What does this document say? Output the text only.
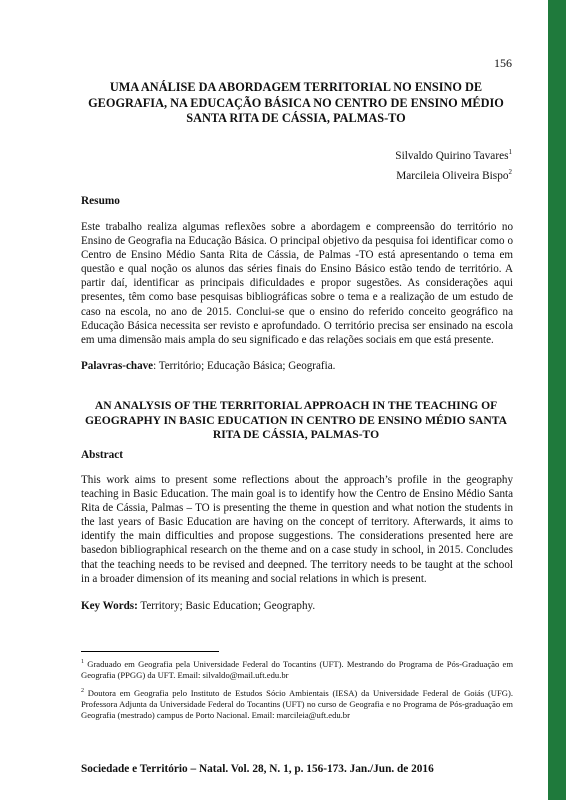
156
UMA ANÁLISE DA ABORDAGEM TERRITORIAL NO ENSINO DE GEOGRAFIA, NA EDUCAÇÃO BÁSICA NO CENTRO DE ENSINO MÉDIO SANTA RITA DE CÁSSIA, PALMAS-TO
Silvaldo Quirino Tavares$^1$
Marcileia Oliveira Bispo$^2$
Resumo
Este trabalho realiza algumas reflexões sobre a abordagem e compreensão do território no Ensino de Geografia na Educação Básica. O principal objetivo da pesquisa foi identificar como o Centro de Ensino Médio Santa Rita de Cássia, de Palmas -TO está apresentando o tema em questão e qual noção os alunos das séries finais do Ensino Básico estão tendo de território. A partir daí, identificar as principais dificuldades e propor sugestões. As considerações aqui presentes, têm como base pesquisas bibliográficas sobre o tema e a realização de um estudo de caso na escola, no ano de 2015. Conclui-se que o ensino do referido conceito geográfico na Educação Básica necessita ser revisto e aprofundado. O território precisa ser ensinado na escola em uma dimensão mais ampla do seu significado e das relações sociais em que está presente.
Palavras-chave: Território; Educação Básica; Geografia.
AN ANALYSIS OF THE TERRITORIAL APPROACH IN THE TEACHING OF GEOGRAPHY IN BASIC EDUCATION IN CENTRO DE ENSINO MÉDIO SANTA RITA DE CÁSSIA, PALMAS-TO
Abstract
This work aims to present some reflections about the approach’s profile in the geography teaching in Basic Education. The main goal is to identify how the Centro de Ensino Médio Santa Rita de Cássia, Palmas – TO is presenting the theme in question and what notion the students in the last years of Basic Education are having on the concept of territory. Afterwards, it aims to identify the main difficulties and propose suggestions. The considerations presented here are basedon bibliographical research on the theme and on a case study in school, in 2015. Concludes that the teaching needs to be revised and deepned. The territory needs to be taught at the school in a broader dimension of its meaning and social relations in which is present.
Key Words: Territory; Basic Education; Geography.
$^1$ Graduado em Geografia pela Universidade Federal do Tocantins (UFT). Mestrando do Programa de Pós-Graduação em Geografia (PPGG) da UFT. Email: silvaldo@mail.uft.edu.br
$^2$ Doutora em Geografia pelo Instituto de Estudos Sócio Ambientais (IESA) da Universidade Federal de Goiás (UFG). Professora Adjunta da Universidade Federal do Tocantins (UFT) no curso de Geografia e no Programa de Pós-graduação em Geografia (mestrado) campus de Porto Nacional. Email: marcileia@uft.edu.br
Sociedade e Território – Natal. Vol. 28, N. 1, p. 156-173. Jan./Jun. de 2016
